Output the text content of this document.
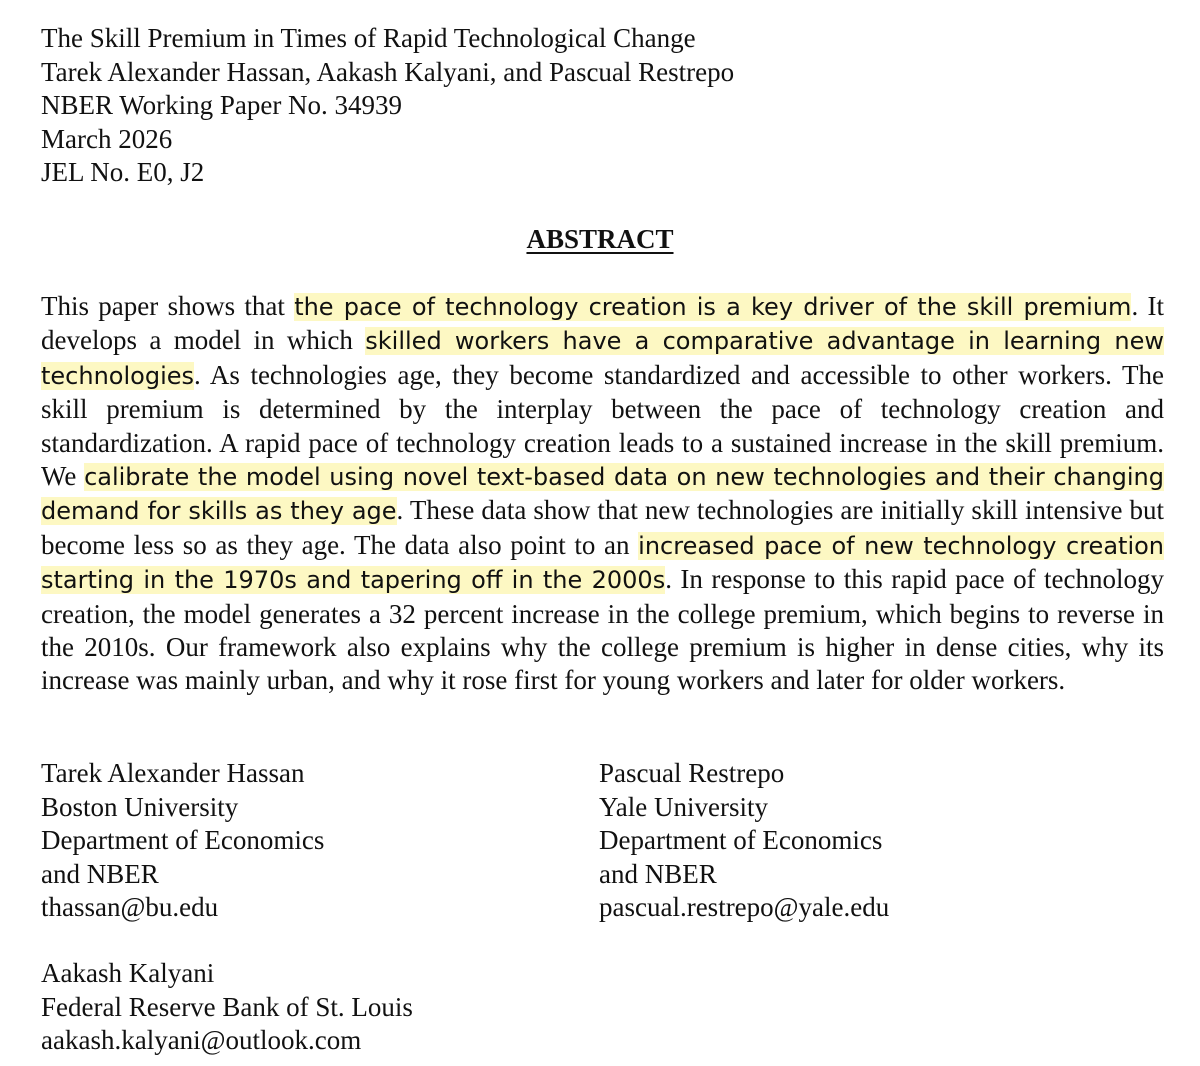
The Skill Premium in Times of Rapid Technological Change
Tarek Alexander Hassan, Aakash Kalyani, and Pascual Restrepo
NBER Working Paper No. 34939
March 2026
JEL No. E0, J2
ABSTRACT
This paper shows that the pace of technology creation is a key driver of the skill premium. It develops a model in which skilled workers have a comparative advantage in learning new technologies. As technologies age, they become standardized and accessible to other workers. The skill premium is determined by the interplay between the pace of technology creation and standardization. A rapid pace of technology creation leads to a sustained increase in the skill premium. We calibrate the model using novel text-based data on new technologies and their changing demand for skills as they age. These data show that new technologies are initially skill intensive but become less so as they age. The data also point to an increased pace of new technology creation starting in the 1970s and tapering off in the 2000s. In response to this rapid pace of technology creation, the model generates a 32 percent increase in the college premium, which begins to reverse in the 2010s. Our framework also explains why the college premium is higher in dense cities, why its increase was mainly urban, and why it rose first for young workers and later for older workers.
Tarek Alexander Hassan
Boston University
Department of Economics
and NBER
thassan@bu.edu
Pascual Restrepo
Yale University
Department of Economics
and NBER
pascual.restrepo@yale.edu
Aakash Kalyani
Federal Reserve Bank of St. Louis
aakash.kalyani@outlook.com
